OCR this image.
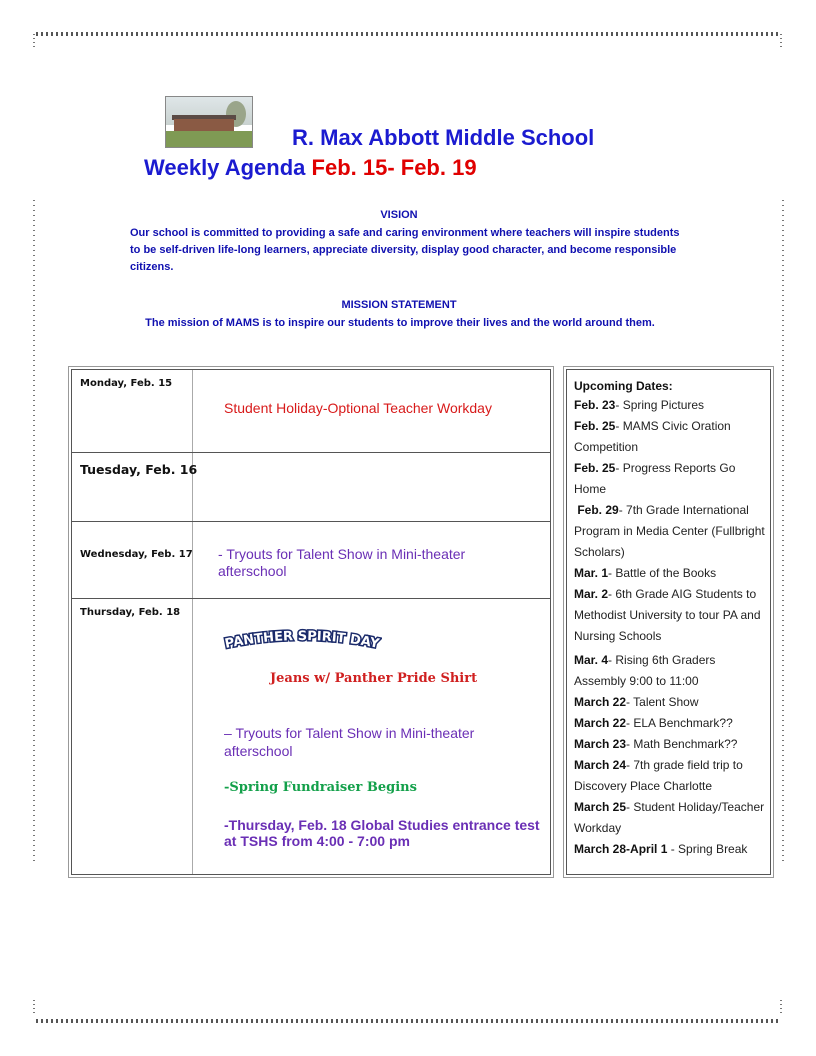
R. Max Abbott Middle School
Weekly Agenda Feb. 15- Feb. 19
VISION
Our school is committed to providing a safe and caring environment where teachers will inspire students to be self-driven life-long learners, appreciate diversity, display good character, and become responsible citizens.
MISSION STATEMENT
The mission of MAMS is to inspire our students to improve their lives and the world around them.
Monday, Feb. 15
Student Holiday-Optional Teacher Workday
Tuesday, Feb. 16
Wednesday, Feb. 17 - Tryouts for Talent Show in Mini-theater afterschool
Thursday, Feb. 18
PANTHER SPIRIT DAY
Jeans w/ Panther Pride Shirt
– Tryouts for Talent Show in Mini-theater afterschool
-Spring Fundraiser Begins
-Thursday, Feb. 18 Global Studies entrance test at TSHS from 4:00 - 7:00 pm
Upcoming Dates:
Feb. 23- Spring Pictures
Feb. 25- MAMS Civic Oration Competition
Feb. 25- Progress Reports Go Home
Feb. 29- 7th Grade International Program in Media Center (Fullbright Scholars)
Mar. 1- Battle of the Books
Mar. 2- 6th Grade AIG Students to Methodist University to tour PA and Nursing Schools
Mar. 4- Rising 6th Graders Assembly 9:00 to 11:00
March 22- Talent Show
March 22- ELA Benchmark??
March 23- Math Benchmark??
March 24- 7th grade field trip to Discovery Place Charlotte
March 25- Student Holiday/Teacher Workday
March 28-April 1 - Spring Break
